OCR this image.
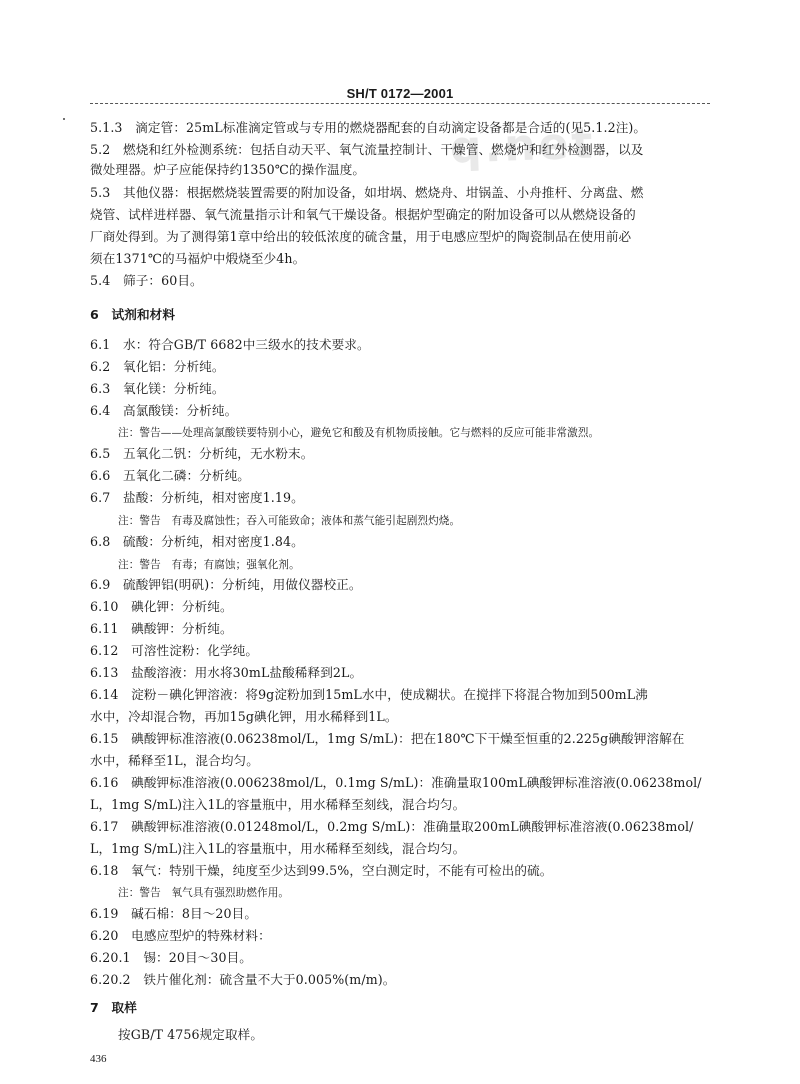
q.net
SH/T 0172—2001
5.1.3　滴定管：25mL标准滴定管或与专用的燃烧器配套的自动滴定设备都是合适的(见5.1.2注)。
5.2　燃烧和红外检测系统：包括自动天平、氧气流量控制计、干燥管、燃烧炉和红外检测器，以及
微处理器。炉子应能保持约1350℃的操作温度。
5.3　其他仪器：根据燃烧装置需要的附加设备，如坩埚、燃烧舟、坩锅盖、小舟推杆、分离盘、燃
烧管、试样进样器、氧气流量指示计和氧气干燥设备。根据炉型确定的附加设备可以从燃烧设备的
厂商处得到。为了测得第1章中给出的较低浓度的硫含量，用于电感应型炉的陶瓷制品在使用前必
须在1371℃的马福炉中煅烧至少4h。
5.4　筛子：60目。
6　试剂和材料
6.1　水：符合GB/T 6682中三级水的技术要求。
6.2　氧化铝：分析纯。
6.3　氧化镁：分析纯。
6.4　高氯酸镁：分析纯。
注：警告——处理高氯酸镁要特别小心，避免它和酸及有机物质接触。它与燃料的反应可能非常激烈。
6.5　五氧化二钒：分析纯，无水粉末。
6.6　五氧化二磷：分析纯。
6.7　盐酸：分析纯，相对密度1.19。
注：警告　有毒及腐蚀性；吞入可能致命；液体和蒸气能引起剧烈灼烧。
6.8　硫酸：分析纯，相对密度1.84。
注：警告　有毒；有腐蚀；强氧化剂。
6.9　硫酸钾铝(明矾)：分析纯，用做仪器校正。
6.10　碘化钾：分析纯。
6.11　碘酸钾：分析纯。
6.12　可溶性淀粉：化学纯。
6.13　盐酸溶液：用水将30mL盐酸稀释到2L。
6.14　淀粉－碘化钾溶液：将9g淀粉加到15mL水中，使成糊状。在搅拌下将混合物加到500mL沸
水中，冷却混合物，再加15g碘化钾，用水稀释到1L。
6.15　碘酸钾标准溶液(0.06238mol/L，1mg S/mL)：把在180℃下干燥至恒重的2.225g碘酸钾溶解在
水中，稀释至1L，混合均匀。
6.16　碘酸钾标准溶液(0.006238mol/L，0.1mg S/mL)：准确量取100mL碘酸钾标准溶液(0.06238mol/
L，1mg S/mL)注入1L的容量瓶中，用水稀释至刻线，混合均匀。
6.17　碘酸钾标准溶液(0.01248mol/L，0.2mg S/mL)：准确量取200mL碘酸钾标准溶液(0.06238mol/
L，1mg S/mL)注入1L的容量瓶中，用水稀释至刻线，混合均匀。
6.18　氧气：特别干燥，纯度至少达到99.5%，空白测定时，不能有可检出的硫。
注：警告　氧气具有强烈助燃作用。
6.19　碱石棉：8目～20目。
6.20　电感应型炉的特殊材料：
6.20.1　锡：20目～30目。
6.20.2　铁片催化剂：硫含量不大于0.005%(m/m)。
7　取样
按GB/T 4756规定取样。
436
